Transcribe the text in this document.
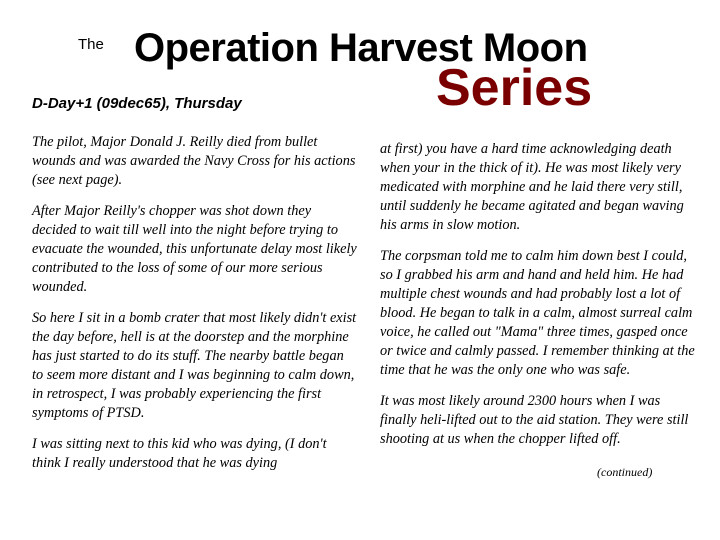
The Operation Harvest Moon
Series
D-Day+1 (09dec65), Thursday

The pilot, Major Donald J. Reilly died from bullet wounds and was awarded the Navy Cross for his actions (see next page).

After Major Reilly's chopper was shot down they decided to wait till well into the night before trying to evacuate the wounded, this unfortunate delay most likely contributed to the loss of some of our more serious wounded.

So here I sit in a bomb crater that most likely didn't exist the day before, hell is at the doorstep and the morphine has just started to do its stuff. The nearby battle began to seem more distant and I was beginning to calm down, in retrospect, I was probably experiencing the first symptoms of PTSD.

I was sitting next to this kid who was dying, (I don't think I really understood that he was dying

at first) you have a hard time acknowledging death when your in the thick of it). He was most likely very medicated with morphine and he laid there very still, until suddenly he became agitated and began waving his arms in slow motion.

The corpsman told me to calm him down best I could, so I grabbed his arm and hand and held him. He had multiple chest wounds and had probably lost a lot of blood. He began to talk in a calm, almost surreal calm voice, he called out "Mama" three times, gasped once or twice and calmly passed. I remember thinking at the time that he was the only one who was safe.

It was most likely around 2300 hours when I was finally heli-lifted out to the aid station. They were still shooting at us when the chopper lifted off.

(continued)
